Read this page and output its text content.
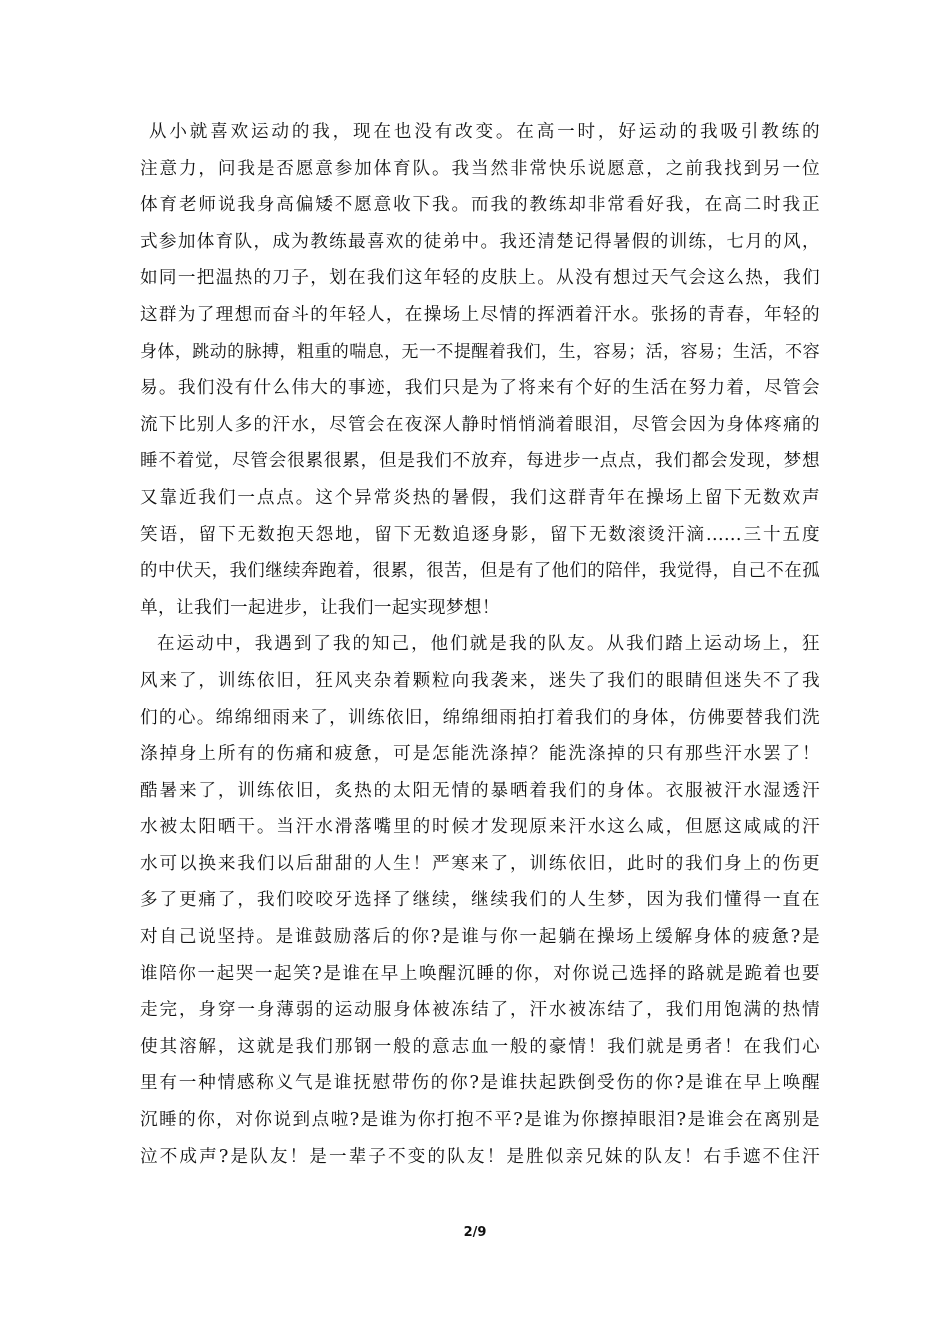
从小就喜欢运动的我，现在也没有改变。在高一时，好运动的我吸引教练的
注意力，问我是否愿意参加体育队。我当然非常快乐说愿意，之前我找到另一位
体育老师说我身高偏矮不愿意收下我。而我的教练却非常看好我，在高二时我正
式参加体育队，成为教练最喜欢的徒弟中。我还清楚记得暑假的训练，七月的风，
如同一把温热的刀子，划在我们这年轻的皮肤上。从没有想过天气会这么热，我们
这群为了理想而奋斗的年轻人，在操场上尽情的挥洒着汗水。张扬的青春，年轻的
身体，跳动的脉搏，粗重的喘息，无一不提醒着我们，生，容易；活，容易；生活，不容
易。我们没有什么伟大的事迹，我们只是为了将来有个好的生活在努力着，尽管会
流下比别人多的汗水，尽管会在夜深人静时悄悄淌着眼泪，尽管会因为身体疼痛的
睡不着觉，尽管会很累很累，但是我们不放弃，每进步一点点，我们都会发现，梦想
又靠近我们一点点。这个异常炎热的暑假，我们这群青年在操场上留下无数欢声
笑语，留下无数抱天怨地，留下无数追逐身影，留下无数滚烫汗滴......三十五度
的中伏天，我们继续奔跑着，很累，很苦，但是有了他们的陪伴，我觉得，自己不在孤
单，让我们一起进步，让我们一起实现梦想！
在运动中，我遇到了我的知己，他们就是我的队友。从我们踏上运动场上，狂
风来了，训练依旧，狂风夹杂着颗粒向我袭来，迷失了我们的眼睛但迷失不了我
们的心。绵绵细雨来了，训练依旧，绵绵细雨拍打着我们的身体，仿佛要替我们洗
涤掉身上所有的伤痛和疲惫，可是怎能洗涤掉？能洗涤掉的只有那些汗水罢了！
酷暑来了，训练依旧，炙热的太阳无情的暴晒着我们的身体。衣服被汗水湿透汗
水被太阳晒干。当汗水滑落嘴里的时候才发现原来汗水这么咸，但愿这咸咸的汗
水可以换来我们以后甜甜的人生！严寒来了，训练依旧，此时的我们身上的伤更
多了更痛了，我们咬咬牙选择了继续，继续我们的人生梦，因为我们懂得一直在
对自己说坚持。是谁鼓励落后的你?是谁与你一起躺在操场上缓解身体的疲惫?是
谁陪你一起哭一起笑?是谁在早上唤醒沉睡的你，对你说己选择的路就是跪着也要
走完，身穿一身薄弱的运动服身体被冻结了，汗水被冻结了，我们用饱满的热情
使其溶解，这就是我们那钢一般的意志血一般的豪情！我们就是勇者！在我们心
里有一种情感称义气是谁抚慰带伤的你?是谁扶起跌倒受伤的你?是谁在早上唤醒
沉睡的你，对你说到点啦?是谁为你打抱不平?是谁为你擦掉眼泪?是谁会在离别是
泣不成声?是队友！是一辈子不变的队友！是胜似亲兄妹的队友！右手遮不住汗
2/9
